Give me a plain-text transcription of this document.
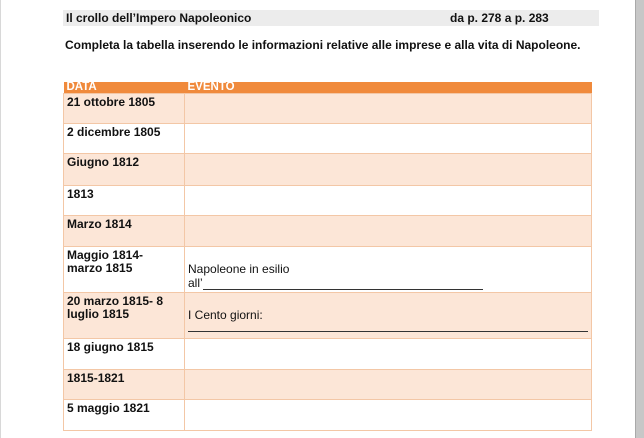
Il crollo dell’Impero Napoleonico	da p. 278 a p. 283
Completa la tabella inserendo le informazioni relative alle imprese e alla vita di Napoleone.
DATA	EVENTO
21 ottobre 1805	
2 dicembre 1805	
Giugno 1812	
1813	
Marzo 1814	
Maggio 1814-
marzo 1815	Napoleone in esilio
all’
20 marzo 1815- 8
luglio 1815	I Cento giorni:

18 giugno 1815	
1815-1821	
5 maggio 1821	
